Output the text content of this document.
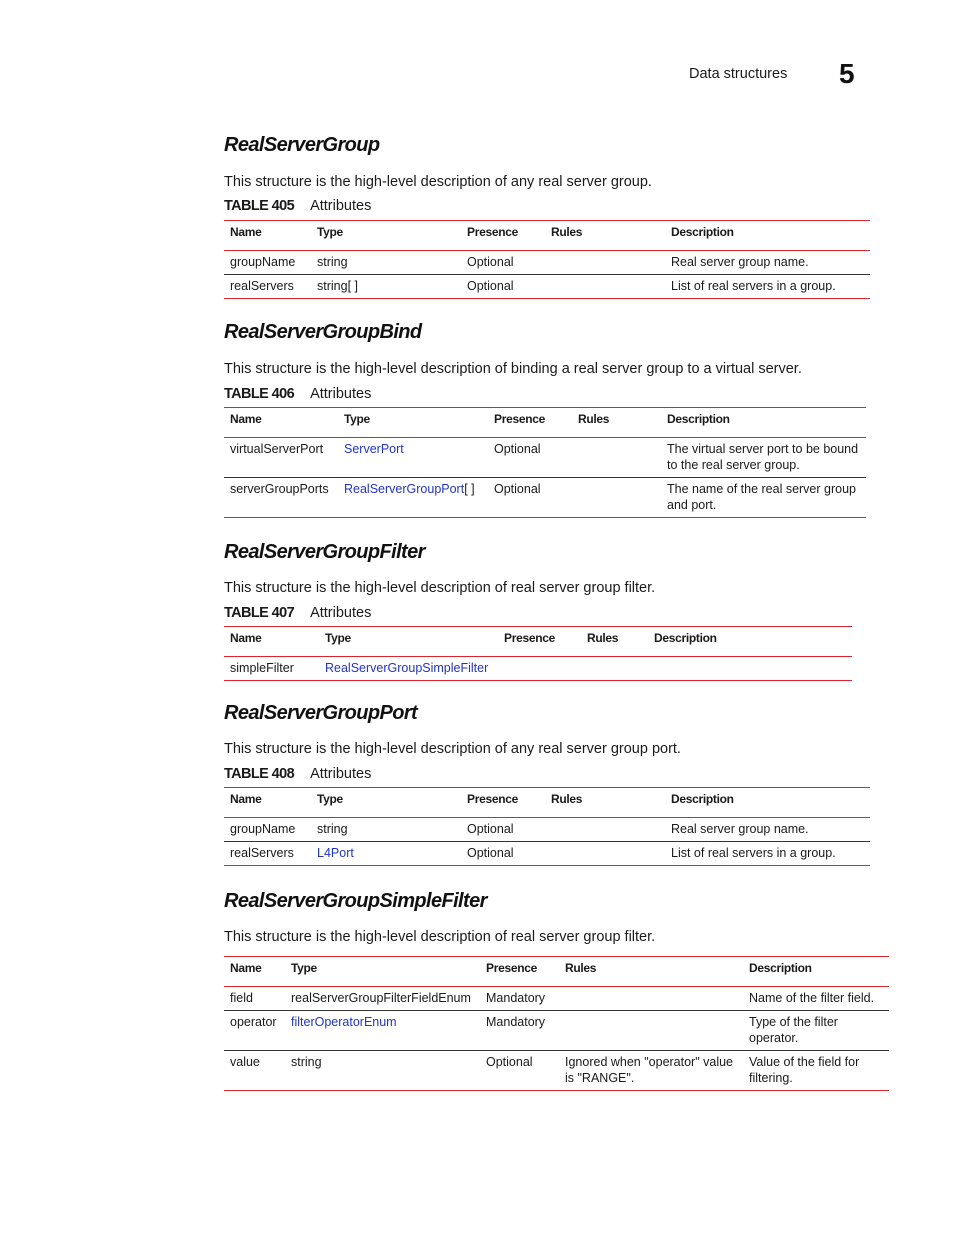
Data structures 5
RealServerGroup

This structure is the high-level description of any real server group.

TABLE 405 Attributes
Name	Type	Presence	Rules	Description
groupName	string	Optional		Real server group name.
realServers	string[ ]	Optional		List of real servers in a group.
RealServerGroupBind

This structure is the high-level description of binding a real server group to a virtual server.

TABLE 406 Attributes
Name	Type	Presence	Rules	Description
virtualServerPort	ServerPort	Optional		The virtual server port to be bound to the real server group.
serverGroupPorts	RealServerGroupPort[ ]	Optional		The name of the real server group and port.
RealServerGroupFilter

This structure is the high-level description of real server group filter.

TABLE 407 Attributes
Name	Type	Presence	Rules	Description
simpleFilter	RealServerGroupSimpleFilter			
RealServerGroupPort

This structure is the high-level description of any real server group port.

TABLE 408 Attributes
Name	Type	Presence	Rules	Description
groupName	string	Optional		Real server group name.
realServers	L4Port	Optional		List of real servers in a group.
RealServerGroupSimpleFilter

This structure is the high-level description of real server group filter.

Name	Type	Presence	Rules	Description
field	realServerGroupFilterFieldEnum	Mandatory		Name of the filter field.
operator	filterOperatorEnum	Mandatory		Type of the filter operator.
value	string	Optional	Ignored when "operator" value is "RANGE".	Value of the field for filtering.
